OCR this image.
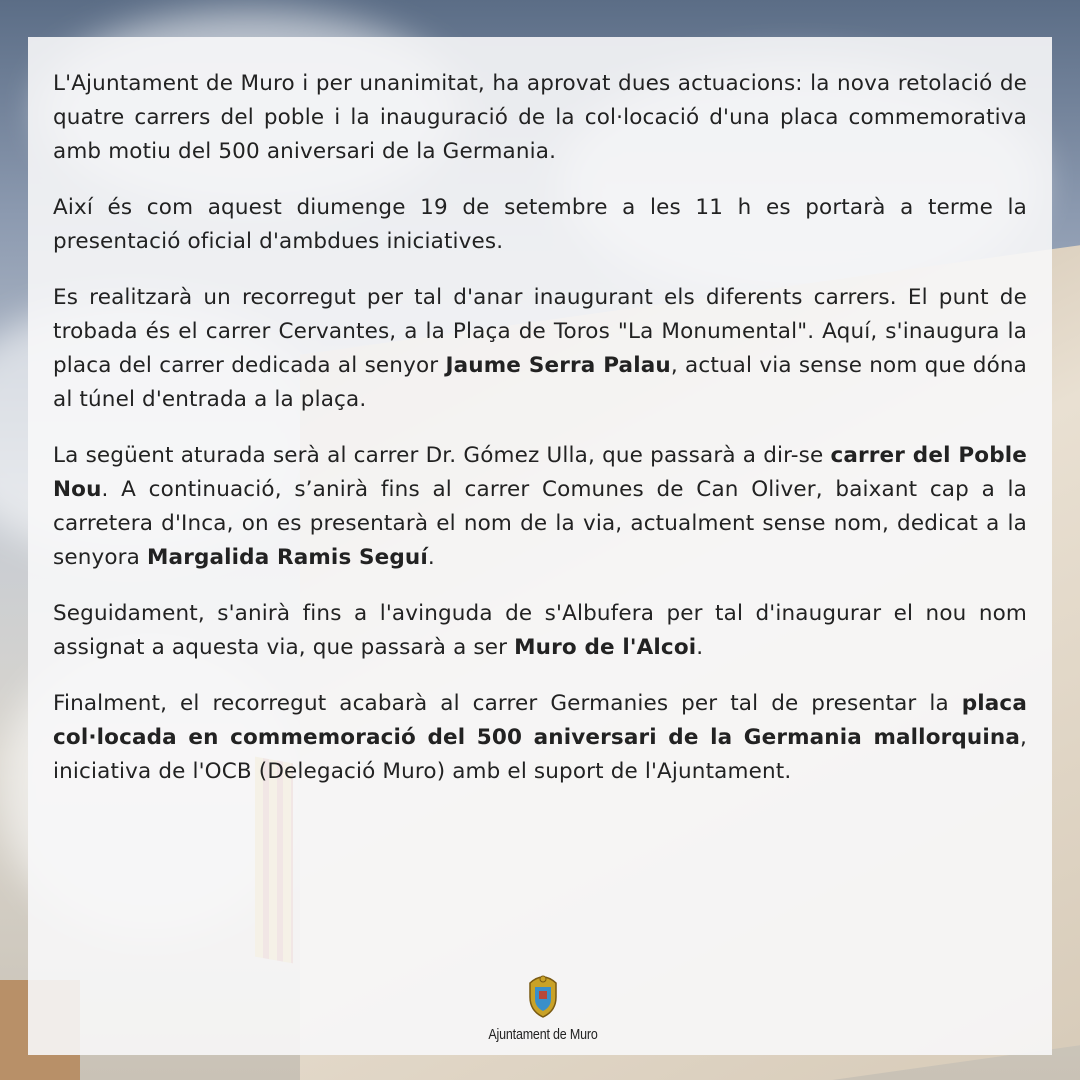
L'Ajuntament de Muro i per unanimitat, ha aprovat dues actuacions: la nova retolació de quatre carrers del poble i la inauguració de la col·locació d'una placa commemorativa amb motiu del 500 aniversari de la Germania.

Així és com aquest diumenge 19 de setembre a les 11 h es portarà a terme la presentació oficial d'ambdues iniciatives.

Es realitzarà un recorregut per tal d'anar inaugurant els diferents carrers. El punt de trobada és el carrer Cervantes, a la Plaça de Toros "La Monumental". Aquí, s'inaugura la placa del carrer dedicada al senyor Jaume Serra Palau, actual via sense nom que dóna al túnel d'entrada a la plaça.

La següent aturada serà al carrer Dr. Gómez Ulla, que passarà a dir-se carrer del Poble Nou. A continuació, s’anirà fins al carrer Comunes de Can Oliver, baixant cap a la carretera d'Inca, on es presentarà el nom de la via, actualment sense nom, dedicat a la senyora Margalida Ramis Seguí.

Seguidament, s'anirà fins a l'avinguda de s'Albufera per tal d'inaugurar el nou nom assignat a aquesta via, que passarà a ser Muro de l'Alcoi.

Finalment, el recorregut acabarà al carrer Germanies per tal de presentar la placa col·locada en commemoració del 500 aniversari de la Germania mallorquina, iniciativa de l'OCB (Delegació Muro) amb el suport de l'Ajuntament.

Ajuntament de Muro
